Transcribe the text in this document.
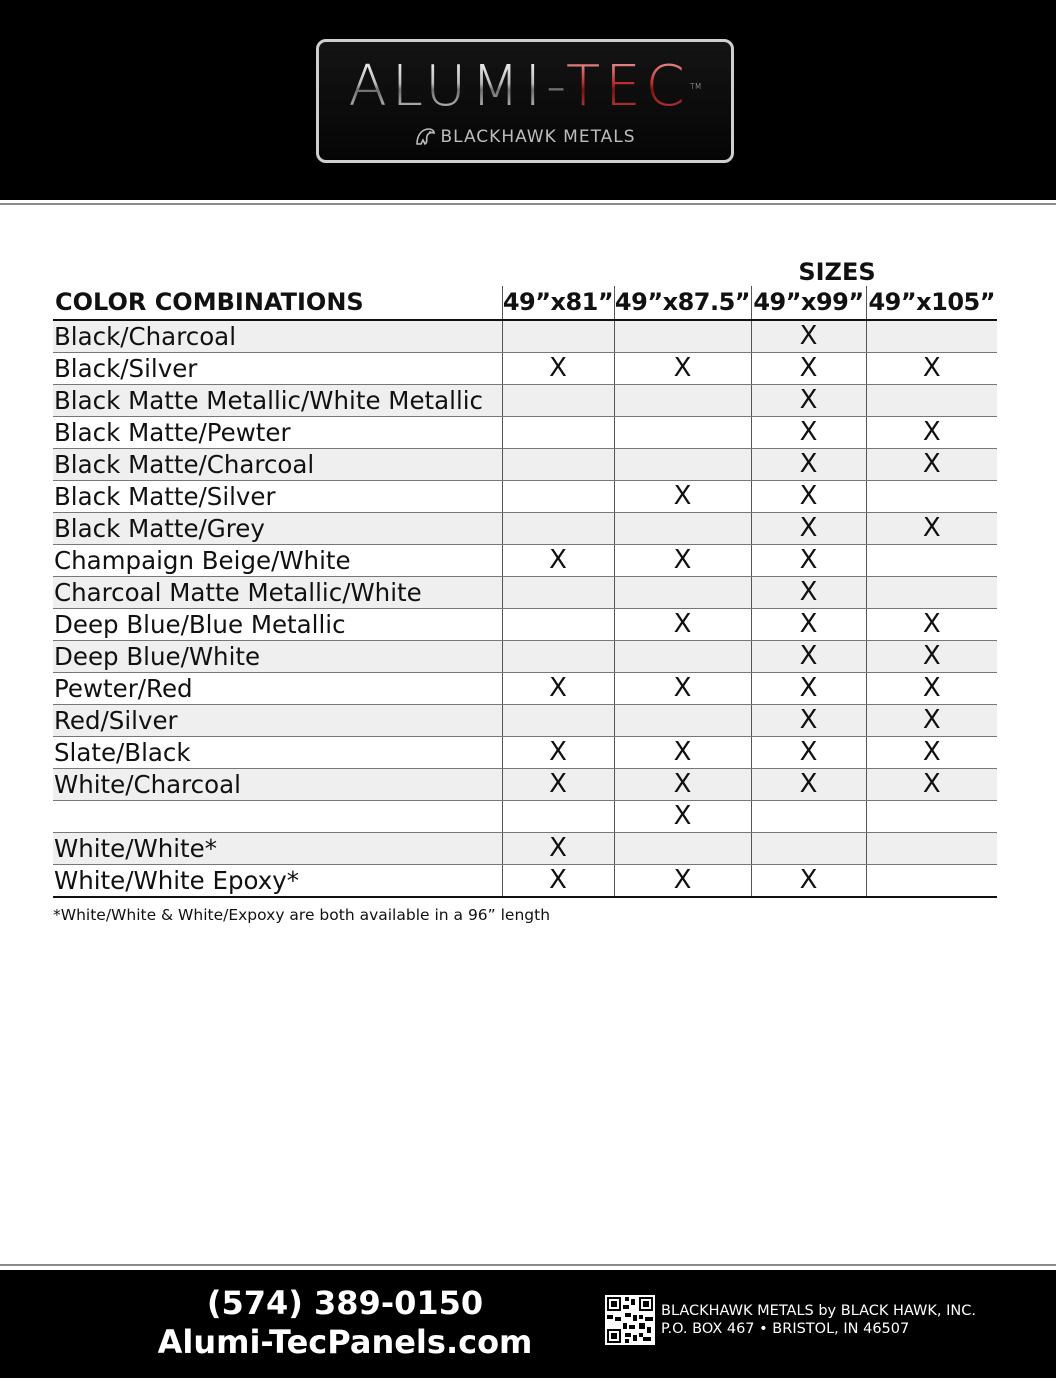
ALUMI-TECTM
BLACKHAWK METALS
SIZES
COLOR COMBINATIONS	49”x81”	49”x87.5”	49”x99”	49”x105”
Black/Charcoal			X	
Black/Silver	X	X	X	X
Black Matte Metallic/White Metallic			X	
Black Matte/Pewter			X	X
Black Matte/Charcoal			X	X
Black Matte/Silver		X	X	
Black Matte/Grey			X	X
Champaign Beige/White	X	X	X	
Charcoal Matte Metallic/White			X	
Deep Blue/Blue Metallic		X	X	X
Deep Blue/White			X	X
Pewter/Red	X	X	X	X
Red/Silver			X	X
Slate/Black	X	X	X	X
White/Charcoal	X	X	X	X
		X		
White/White*	X			
White/White Epoxy*	X	X	X	
*White/White & White/Expoxy are both available in a 96” length
(574) 389-0150
Alumi-TecPanels.com
BLACKHAWK METALS by BLACK HAWK, INC.
P.O. BOX 467 • BRISTOL, IN 46507
